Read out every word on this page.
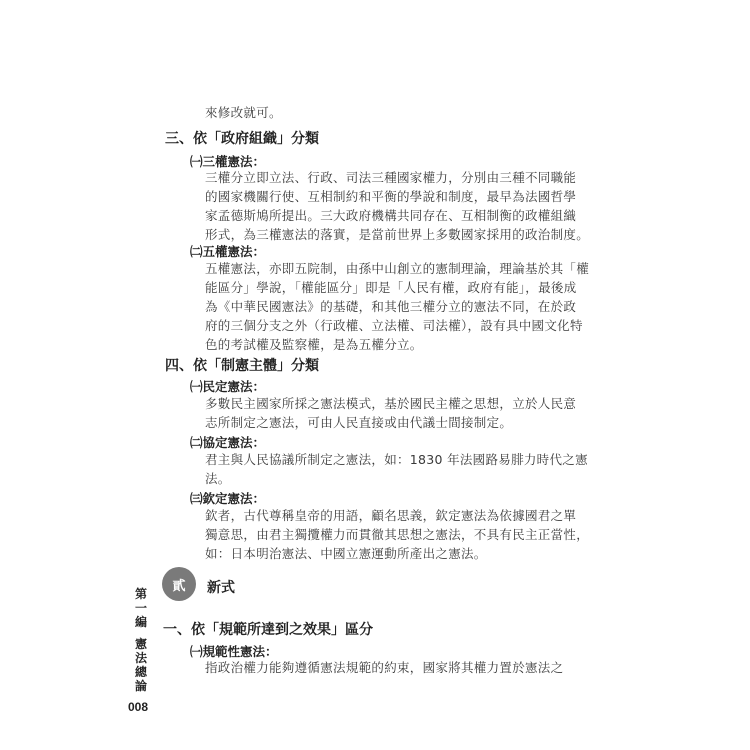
來修改就可。
三、依「政府組織」分類
㈠三權憲法：
三權分立即立法、行政、司法三種國家權力，分別由三種不同職能
的國家機關行使、互相制約和平衡的學說和制度，最早為法國哲學
家孟德斯鳩所提出。三大政府機構共同存在、互相制衡的政權組織
形式，為三權憲法的落實，是當前世界上多數國家採用的政治制度。
㈡五權憲法：
五權憲法，亦即五院制，由孫中山創立的憲制理論，理論基於其「權
能區分」學說，「權能區分」即是「人民有權，政府有能」，最後成
為《中華民國憲法》的基礎，和其他三權分立的憲法不同，在於政
府的三個分支之外（行政權、立法權、司法權），設有具中國文化特
色的考試權及監察權，是為五權分立。
四、依「制憲主體」分類
㈠民定憲法：
多數民主國家所採之憲法模式，基於國民主權之思想，立於人民意
志所制定之憲法，可由人民直接或由代議士間接制定。
㈡協定憲法：
君主與人民協議所制定之憲法，如：1830 年法國路易腓力時代之憲
法。
㈢欽定憲法：
欽者，古代尊稱皇帝的用語，顧名思義，欽定憲法為依據國君之單
獨意思，由君主獨攬權力而貫徹其思想之憲法，不具有民主正當性，
如：日本明治憲法、中國立憲運動所產出之憲法。
貳	新式
一、依「規範所達到之效果」區分
㈠規範性憲法：
指政治權力能夠遵循憲法規範的約束，國家將其權力置於憲法之
第
一
編
憲
法
總
論
008
